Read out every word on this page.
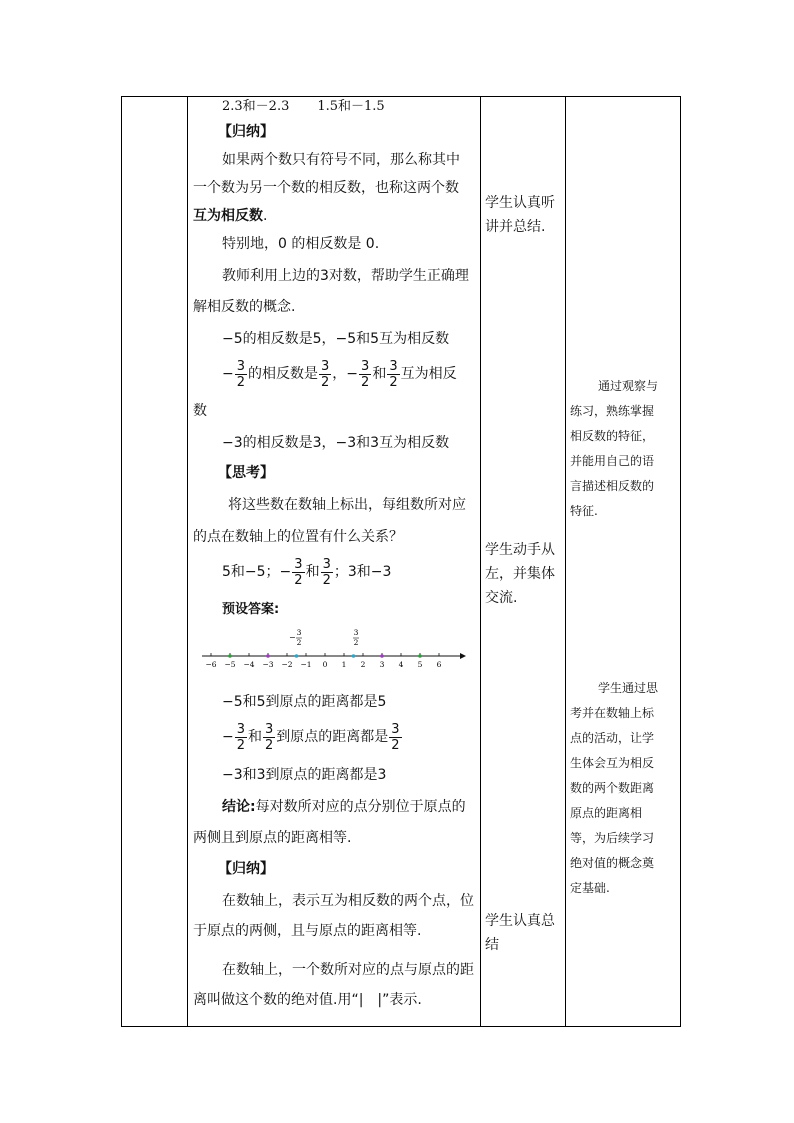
2.3和－2.3 1.5和－1.5
【归纳】
如果两个数只有符号不同，那么称其中
一个数为另一个数的相反数，也称这两个数
互为相反数.
特别地，0 的相反数是 0.
教师利用上边的3对数，帮助学生正确理
解相反数的概念.
−5的相反数是5，−5和5互为相反数
− $\frac{3}{2}$ 的相反数是 $\frac{3}{2}$ ，− $\frac{3}{2}$ 和 $\frac{3}{2}$ 互为相反
数
−3的相反数是3，−3和3互为相反数
【思考】
将这些数在数轴上标出，每组数所对应
的点在数轴上的位置有什么关系？
5和−5；− $\frac{3}{2}$ 和 $\frac{3}{2}$ ；3和−3
预设答案:
−6 −5 −4 −3 −2 −1 0 1 2 3 4 5 6
−
3
2
3
2
−5和5到原点的距离都是5
− $\frac{3}{2}$ 和 $\frac{3}{2}$ 到原点的距离都是 $\frac{3}{2}$
−3和3到原点的距离都是3
结论:每对数所对应的点分别位于原点的
两侧且到原点的距离相等.
【归纳】
在数轴上，表示互为相反数的两个点，位
于原点的两侧，且与原点的距离相等.
在数轴上，一个数所对应的点与原点的距
离叫做这个数的绝对值.用“|　|”表示.
学生认真听
讲并总结.
学生动手从
左，并集体
交流.
学生认真总
结
通过观察与
练习，熟练掌握
相反数的特征，
并能用自己的语
言描述相反数的
特征.
学生通过思
考并在数轴上标
点的活动，让学
生体会互为相反
数的两个数距离
原点的距离相
等，为后续学习
绝对值的概念奠
定基础.
